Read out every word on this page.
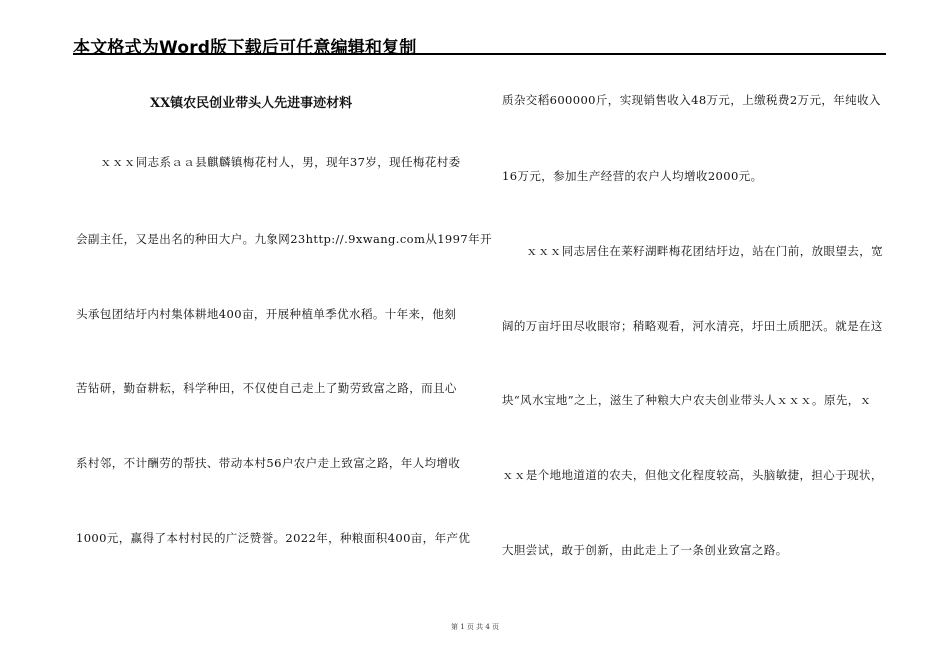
本文格式为Word版下载后可任意编辑和复制
XX镇农民创业带头人先进事迹材料
ｘｘｘ同志系ａａ县麒麟镇梅花村人，男，现年37岁，现任梅花村委
会副主任，又是出名的种田大户。九象网23http://.9xwang.com从1997年开
头承包团结圩内村集体耕地400亩，开展种植单季优水稻。十年来，他刻
苦钻研，勤奋耕耘，科学种田，不仅使自己走上了勤劳致富之路，而且心
系村邻，不计酬劳的帮扶、带动本村56户农户走上致富之路，年人均增收
1000元，赢得了本村村民的广泛赞誉。2022年，种粮面积400亩，年产优
质杂交稻600000斤，实现销售收入48万元，上缴税费2万元，年纯收入
16万元，参加生产经营的农户人均增收2000元。
ｘｘｘ同志居住在莱籽湖畔梅花团结圩边，站在门前，放眼望去，宽
阔的万亩圩田尽收眼帘；稍略观看，河水清亮，圩田土质肥沃。就是在这
块“风水宝地”之上，滋生了种粮大户农夫创业带头人ｘｘｘ。原先，ｘ
ｘｘ是个地地道道的农夫，但他文化程度较高，头脑敏捷，担心于现状，
大胆尝试，敢于创新，由此走上了一条创业致富之路。
第 1 页 共 4 页
